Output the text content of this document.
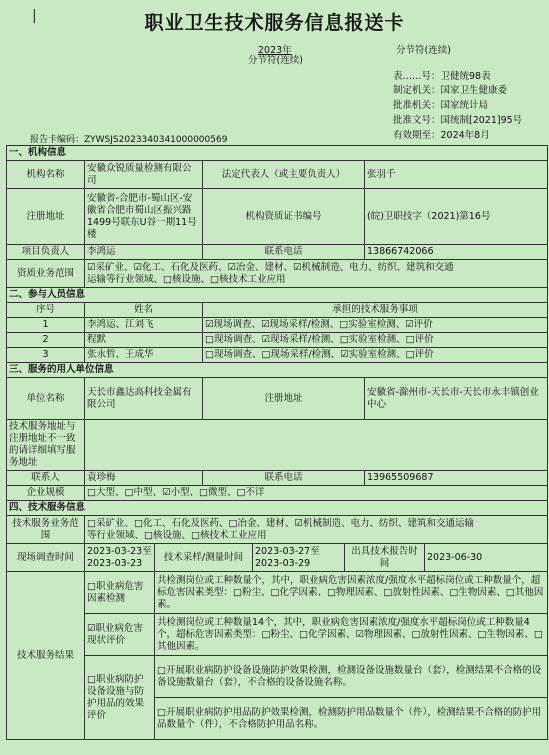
|	职业卫生技术服务信息报送卡
2023年	分节符(连续)
分节符(连续)
表……号：卫健统98表
制定机关：国家卫生健康委
批准机关：国家统计局
批准文号：国统制[2021]95号
有效期至：2024年8月
报告卡编码：ZYWSJS20233403410000005​69
一、机构信息							
机构名称	安徽众锐质量检测有限公司		法定代表人（或主要负责人）			张羽千	
注册地址	安徽省-合肥市-蜀山区-安徽省合肥市蜀山区振兴路1499号联东U谷一期11号楼		机构资质证书编号			(皖)卫职技字（2021)第16号	
项目负责人	李鸿运		联系电话			13866742066	
资质业务范围	☑采矿业、☑化工、石化及医药、☑冶金、建材、☑机械制造、电力、纺织、建筑和交通
运输等行业领域、□核设施、□核技术工业应用						

二、参与人员信息							
序号	姓名		承担的技术服务事项				
1	李鸿运、江刘飞		☑现场调查、☑现场采样/检测、□实验室检测、☑评价				
2	程默		□现场调查、☑现场采样/检测、□实验室检测、□评价				
3	张永哲、王成华		□现场调查、□现场采样/检测、☑实验室检测、□评价				
三、服务的用人单位信息							
单位名称	天长市鑫达高科技金属有限公司		注册地址			安徽省-滁州市-天长市-天长市永丰镇创业中心	
技术服务地址与注册地址不一致的请详细填写服务地址							
联系人	袁珍梅		联系电话			13965509687	
企业规模	□大型、□中型、☑小型、□微型、□不详						
四、技术服务信息							
技术服务业务范围	□采矿业、□化工、石化及医药、□冶金、建材、☑机械制造、电力、纺织、建筑和交通运输
等行业领域、□核设施、□核技术工业应用						

现场调查时间	2023-03-23至2023-03-23	技术采样/测量时间		2023-03-27至2023-03-29	出具技术报告时间		2023-06-30
技术服务结果	□职业病危害因素检测	共检测岗位或工种数量个，其中，职业病危害因素浓度/强度水平超标岗位或工种数量个，超标危害因素类型：□粉尘、□化学因素、□物理因素、□放射性因素、□生物因素、□其他因素。					
	☑职业病危害现状评价	共检测岗位或工种数量14个，其中，职业病危害因素浓度/强度水平超标岗位或工种数量4个，超标危害因素类型：□粉尘、□化学因素、☑物理因素、□放射性因素、□生物因素、□其他因素。					
	□职业病防护设备设施与防护用品的效果评价	□开展职业病防护设备设施防护效果检测，检测设备设施数量台（套），检测结果不合格的设备设施数量台（套），不合格的设备设施名称。					
		□开展职业病防护用品防护效果检测，检测防护用品数量个（件），检测结果不合格的防护用品数量个（件），不合格防护用品名称。					
